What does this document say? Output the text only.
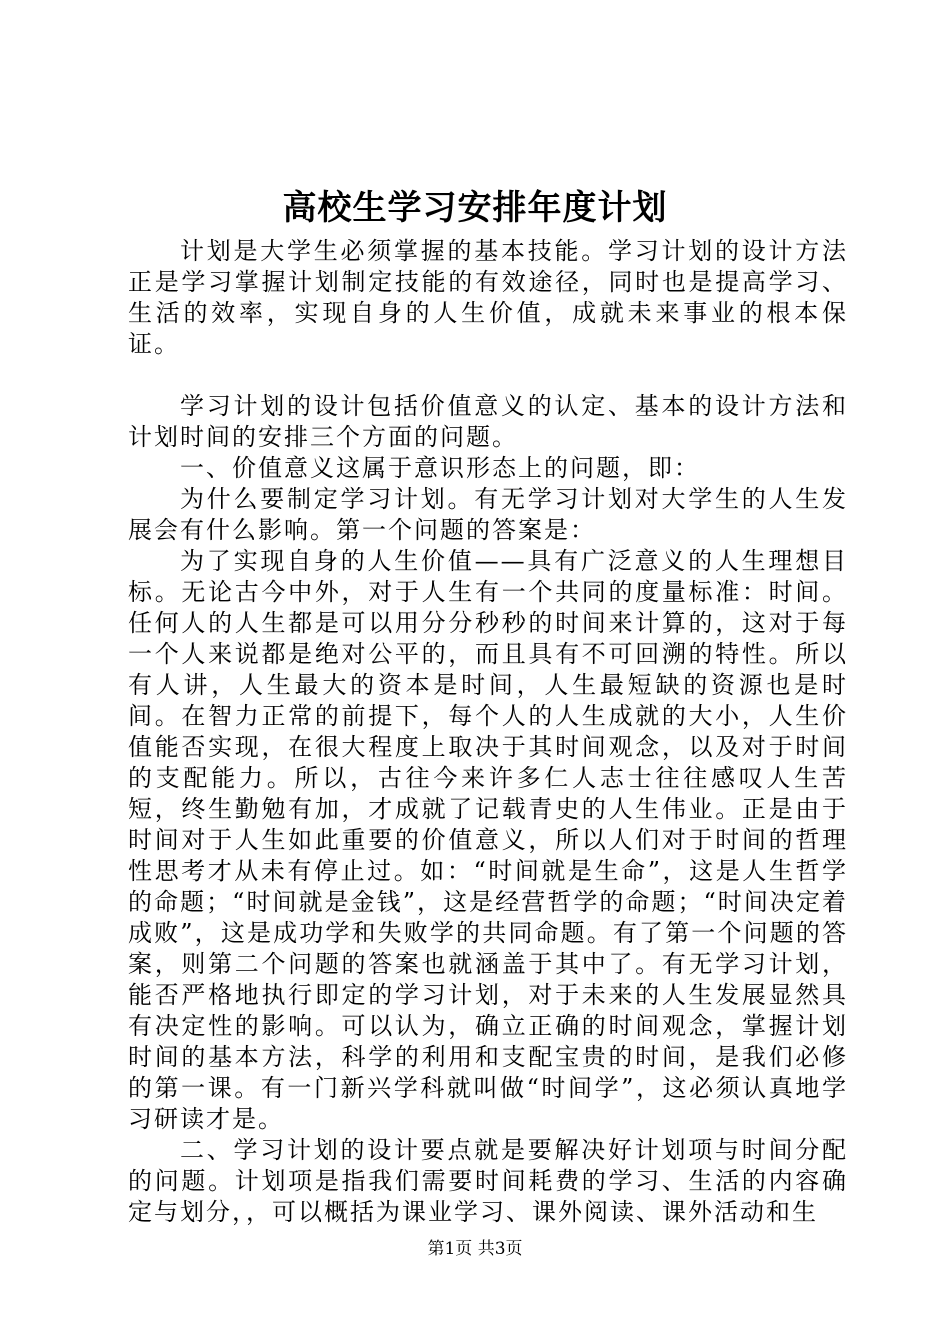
高校生学习安排年度计划

计划是大学生必须掌握的基本技能。学习计划的设计方法正是学习掌握计划制定技能的有效途径，同时也是提高学习、生活的效率，实现自身的人生价值，成就未来事业的根本保证。

学习计划的设计包括价值意义的认定、基本的设计方法和计划时间的安排三个方面的问题。

一、价值意义这属于意识形态上的问题，即：

为什么要制定学习计划。有无学习计划对大学生的人生发展会有什么影响。第一个问题的答案是：

为了实现自身的人生价值——具有广泛意义的人生理想目标。无论古今中外，对于人生有一个共同的度量标准：时间。任何人的人生都是可以用分分秒秒的时间来计算的，这对于每一个人来说都是绝对公平的，而且具有不可回溯的特性。所以有人讲，人生最大的资本是时间，人生最短缺的资源也是时间。在智力正常的前提下，每个人的人生成就的大小，人生价值能否实现，在很大程度上取决于其时间观念，以及对于时间的支配能力。所以，古往今来许多仁人志士往往感叹人生苦短，终生勤勉有加，才成就了记载青史的人生伟业。正是由于时间对于人生如此重要的价值意义，所以人们对于时间的哲理性思考才从未有停止过。如：“时间就是生命”，这是人生哲学的命题；“时间就是金钱”，这是经营哲学的命题；“时间决定着成败”，这是成功学和失败学的共同命题。有了第一个问题的答案，则第二个问题的答案也就涵盖于其中了。有无学习计划，能否严格地执行即定的学习计划，对于未来的人生发展显然具有决定性的影响。可以认为，确立正确的时间观念，掌握计划时间的基本方法，科学的利用和支配宝贵的时间，是我们必修的第一课。有一门新兴学科就叫做“时间学”，这必须认真地学习研读才是。

二、学习计划的设计要点就是要解决好计划项与时间分配的问题。计划项是指我们需要时间耗费的学习、生活的内容确定与划分，，可以概括为课业学习、课外阅读、课外活动和生

第1页 共3页
